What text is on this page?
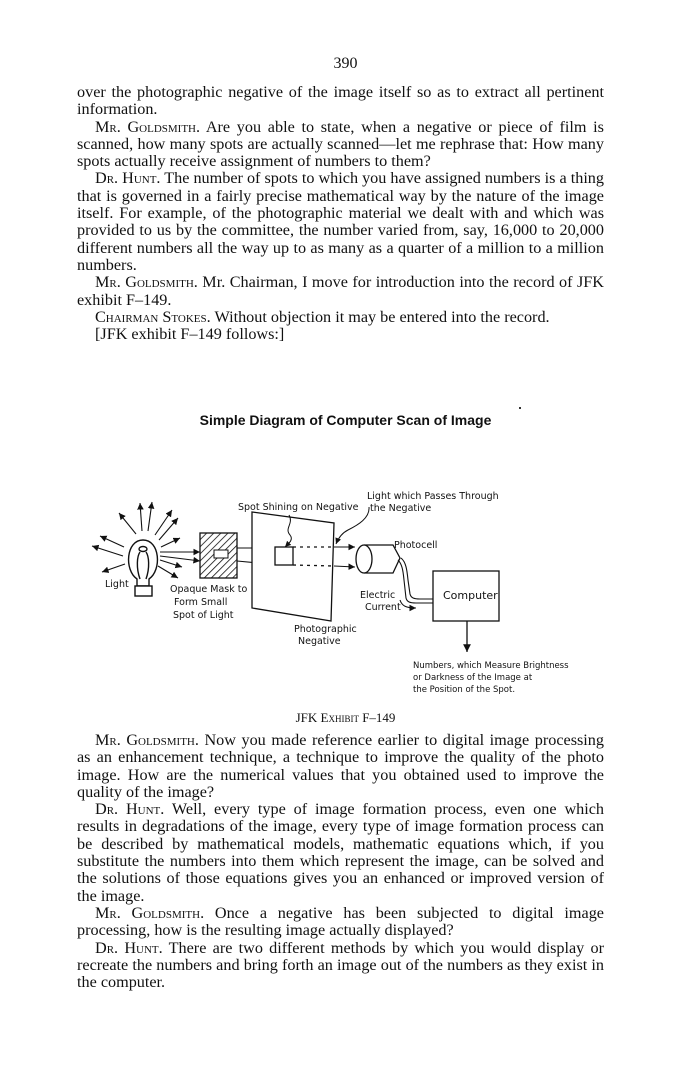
390

over the photographic negative of the image itself so as to extract all pertinent information.

Mr. Goldsmith. Are you able to state, when a negative or piece of film is scanned, how many spots are actually scanned—let me rephrase that: How many spots actually receive assignment of numbers to them?

Dr. Hunt. The number of spots to which you have assigned numbers is a thing that is governed in a fairly precise mathematical way by the nature of the image itself. For example, of the photographic material we dealt with and which was provided to us by the committee, the number varied from, say, 16,000 to 20,000 different numbers all the way up to as many as a quarter of a million to a million numbers.

Mr. Goldsmith. Mr. Chairman, I move for introduction into the record of JFK exhibit F–149.

Chairman Stokes. Without objection it may be entered into the record.

[JFK exhibit F–149 follows:]

Simple Diagram of Computer Scan of Image
Light	Opaque Mask to
Form Small
Spot of Light
Spot Shining on Negative
Photographic
Negative
Photocell
Light which Passes Through
the Negative
Electric
Current
Computer
Numbers, which Measure Brightness
or Darkness of the Image at
the Position of the Spot.
JFK Exhibit F–149

Mr. Goldsmith. Now you made reference earlier to digital image processing as an enhancement technique, a technique to improve the quality of the photo image. How are the numerical values that you obtained used to improve the quality of the image?

Dr. Hunt. Well, every type of image formation process, even one which results in degradations of the image, every type of image formation process can be described by mathematical models, mathematic equations which, if you substitute the numbers into them which represent the image, can be solved and the solutions of those equations gives you an enhanced or improved version of the image.

Mr. Goldsmith. Once a negative has been subjected to digital image processing, how is the resulting image actually displayed?

Dr. Hunt. There are two different methods by which you would display or recreate the numbers and bring forth an image out of the numbers as they exist in the computer.
